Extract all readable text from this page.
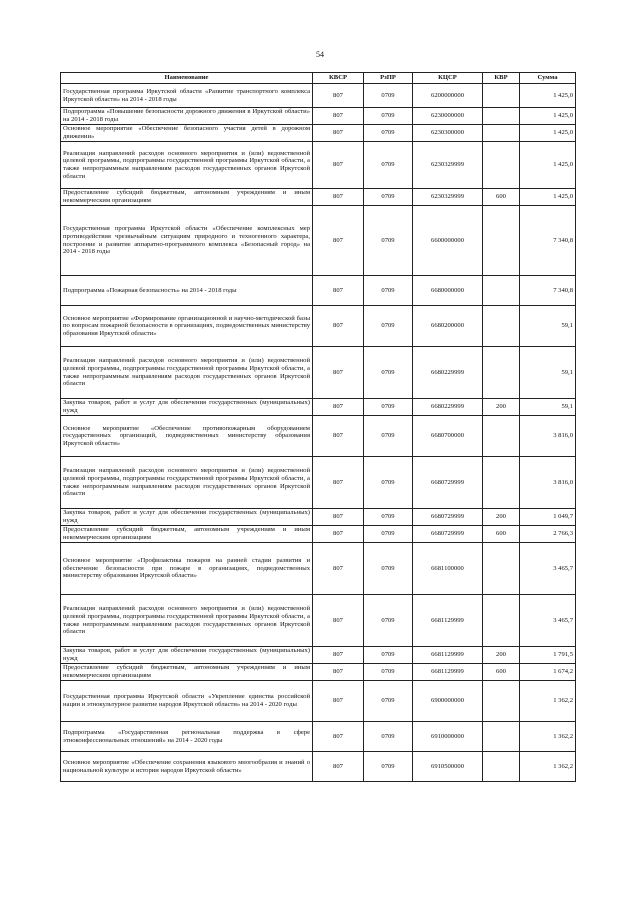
54
Наименование	КВСР	РзПР	КЦСР	КВР	Сумма
Государственная программа Иркутской области «Развитие транспортного комплекса Иркутской области» на 2014 - 2018 годы	807	0709	6200000000		1 425,0
Подпрограмма «Повышение безопасности дорожного движения в Иркутской области» на 2014 - 2018 годы	807	0709	6230000000		1 425,0
Основное мероприятие «Обеспечение безопасного участия детей в дорожном движении»	807	0709	6230300000		1 425,0
Реализация направлений расходов основного мероприятия и (или) ведомственной целевой программы, подпрограммы государственной программы Иркутской области, а также непрограммным направлениям расходов государственных органов Иркутской области	807	0709	6230329999		1 425,0
Предоставление субсидий бюджетным, автономным учреждениям и иным некоммерческим организациям	807	0709	6230329999	600	1 425,0
Государственная программа Иркутской области «Обеспечение комплексных мер противодействия чрезвычайным ситуациям природного и техногенного характера, построение и развитие аппаратно-программного комплекса «Безопасный город» на 2014 - 2018 годы	807	0709	6600000000		7 340,8
Подпрограмма «Пожарная безопасность» на 2014 - 2018 годы	807	0709	6680000000		7 340,8
Основное мероприятие «Формирование организационной и научно-методической базы по вопросам пожарной безопасности в организациях, подведомственных министерству образования Иркутской области»	807	0709	6680200000		59,1
Реализация направлений расходов основного мероприятия и (или) ведомственной целевой программы, подпрограммы государственной программы Иркутской области, а также непрограммным направлениям расходов государственных органов Иркутской области	807	0709	6680229999		59,1
Закупка товаров, работ и услуг для обеспечения государственных (муниципальных) нужд	807	0709	6680229999	200	59,1
Основное мероприятие «Обеспечение противопожарным оборудованием государственных организаций, подведомственных министерству образования Иркутской области»	807	0709	6680700000		3 816,0
Реализация направлений расходов основного мероприятия и (или) ведомственной целевой программы, подпрограммы государственной программы Иркутской области, а также непрограммным направлениям расходов государственных органов Иркутской области	807	0709	6680729999		3 816,0
Закупка товаров, работ и услуг для обеспечения государственных (муниципальных) нужд	807	0709	6680729999	200	1 049,7
Предоставление субсидий бюджетным, автономным учреждениям и иным некоммерческим организациям	807	0709	6680729999	600	2 766,3
Основное мероприятие «Профилактика пожаров на ранней стадии развития и обеспечение безопасности при пожаре в организациях, подведомственных министерству образования Иркутской области»	807	0709	6681100000		3 465,7
Реализация направлений расходов основного мероприятия и (или) ведомственной целевой программы, подпрограммы государственной программы Иркутской области, а также непрограммным направлениям расходов государственных органов Иркутской области	807	0709	6681129999		3 465,7
Закупка товаров, работ и услуг для обеспечения государственных (муниципальных) нужд	807	0709	6681129999	200	1 791,5
Предоставление субсидий бюджетным, автономным учреждениям и иным некоммерческим организациям	807	0709	6681129999	600	1 674,2
Государственная программа Иркутской области «Укрепление единства российской нации и этнокультурное развитие народов Иркутской области» на 2014 - 2020 годы	807	0709	6900000000		1 362,2
Подпрограмма «Государственная региональная поддержка в сфере этноконфессиональных отношений» на 2014 - 2020 годы	807	0709	6910000000		1 362,2
Основное мероприятие «Обеспечение сохранения языкового многообразия и знаний о национальной культуре и истории народов Иркутской области»	807	0709	6910500000		1 362,2
